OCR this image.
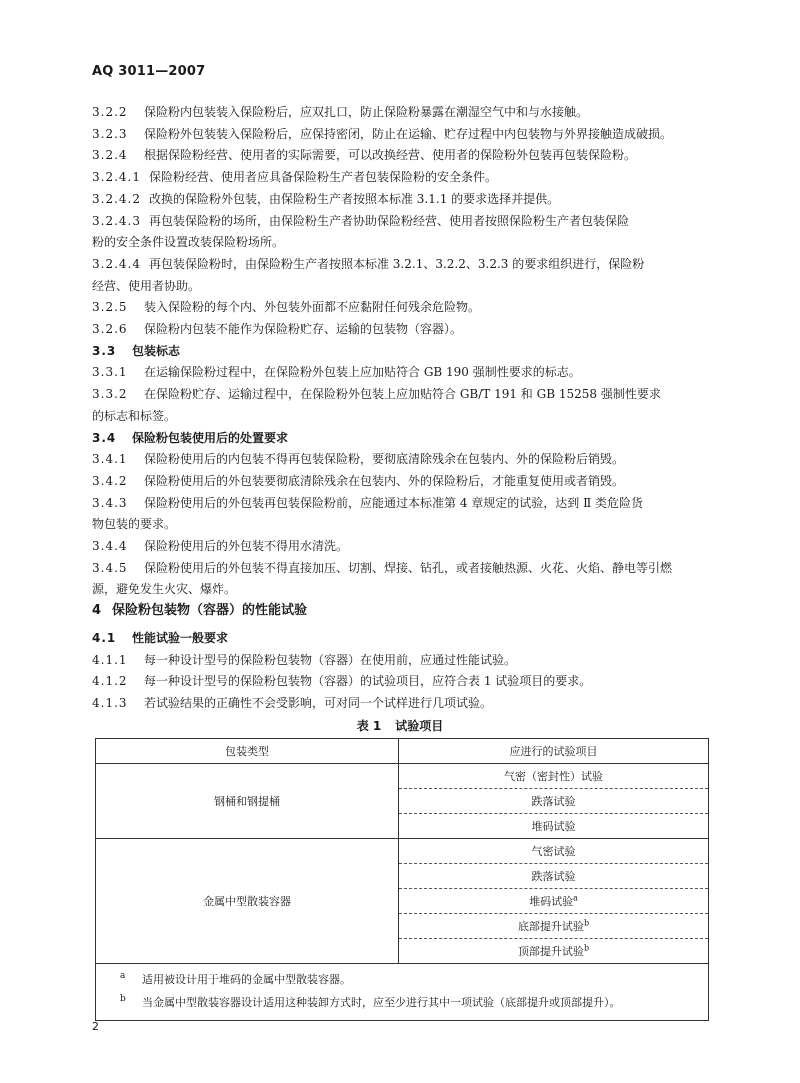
AQ 3011—2007

3.2.2 保险粉内包装装入保险粉后，应双扎口，防止保险粉暴露在潮湿空气中和与水接触。

3.2.3 保险粉外包装装入保险粉后，应保持密闭，防止在运输、贮存过程中内包装物与外界接触造成破损。

3.2.4 根据保险粉经营、使用者的实际需要，可以改换经营、使用者的保险粉外包装再包装保险粉。

3.2.4.1 保险粉经营、使用者应具备保险粉生产者包装保险粉的安全条件。

3.2.4.2 改换的保险粉外包装，由保险粉生产者按照本标准 3.1.1 的要求选择并提供。

3.2.4.3 再包装保险粉的场所，由保险粉生产者协助保险粉经营、使用者按照保险粉生产者包装保险
粉的安全条件设置改装保险粉场所。

3.2.4.4 再包装保险粉时，由保险粉生产者按照本标准 3.2.1、3.2.2、3.2.3 的要求组织进行，保险粉
经营、使用者协助。

3.2.5 装入保险粉的每个内、外包装外面都不应黏附任何残余危险物。

3.2.6 保险粉内包装不能作为保险粉贮存、运输的包装物（容器）。

3.3 包装标志

3.3.1 在运输保险粉过程中，在保险粉外包装上应加贴符合 GB 190 强制性要求的标志。

3.3.2 在保险粉贮存、运输过程中，在保险粉外包装上应加贴符合 GB/T 191 和 GB 15258 强制性要求
的标志和标签。

3.4 保险粉包装使用后的处置要求

3.4.1 保险粉使用后的内包装不得再包装保险粉，要彻底清除残余在包装内、外的保险粉后销毁。

3.4.2 保险粉使用后的外包装要彻底清除残余在包装内、外的保险粉后，才能重复使用或者销毁。

3.4.3 保险粉使用后的外包装再包装保险粉前，应能通过本标准第 4 章规定的试验，达到 Ⅱ 类危险货
物包装的要求。

3.4.4 保险粉使用后的外包装不得用水清洗。

3.4.5 保险粉使用后的外包装不得直接加压、切割、焊接、钻孔，或者接触热源、火花、火焰、静电等引燃
源，避免发生火灾、爆炸。

4 保险粉包装物（容器）的性能试验

4.1 性能试验一般要求

4.1.1 每一种设计型号的保险粉包装物（容器）在使用前，应通过性能试验。

4.1.2 每一种设计型号的保险粉包装物（容器）的试验项目，应符合表 1 试验项目的要求。

4.1.3 若试验结果的正确性不会受影响，可对同一个试样进行几项试验。

表 1 试验项目
包装类型	应进行的试验项目
钢桶和钢提桶	气密（密封性）试验
	跌落试验
	堆码试验
金属中型散装容器	气密试验
	跌落试验
	堆码试验$^a$
	底部提升试验$^b$
	顶部提升试验$^b$

a 适用被设计用于堆码的金属中型散装容器。
b 当金属中型散装容器设计适用这种装卸方式时，应至少进行其中一项试验（底部提升或顶部提升）。	
2
